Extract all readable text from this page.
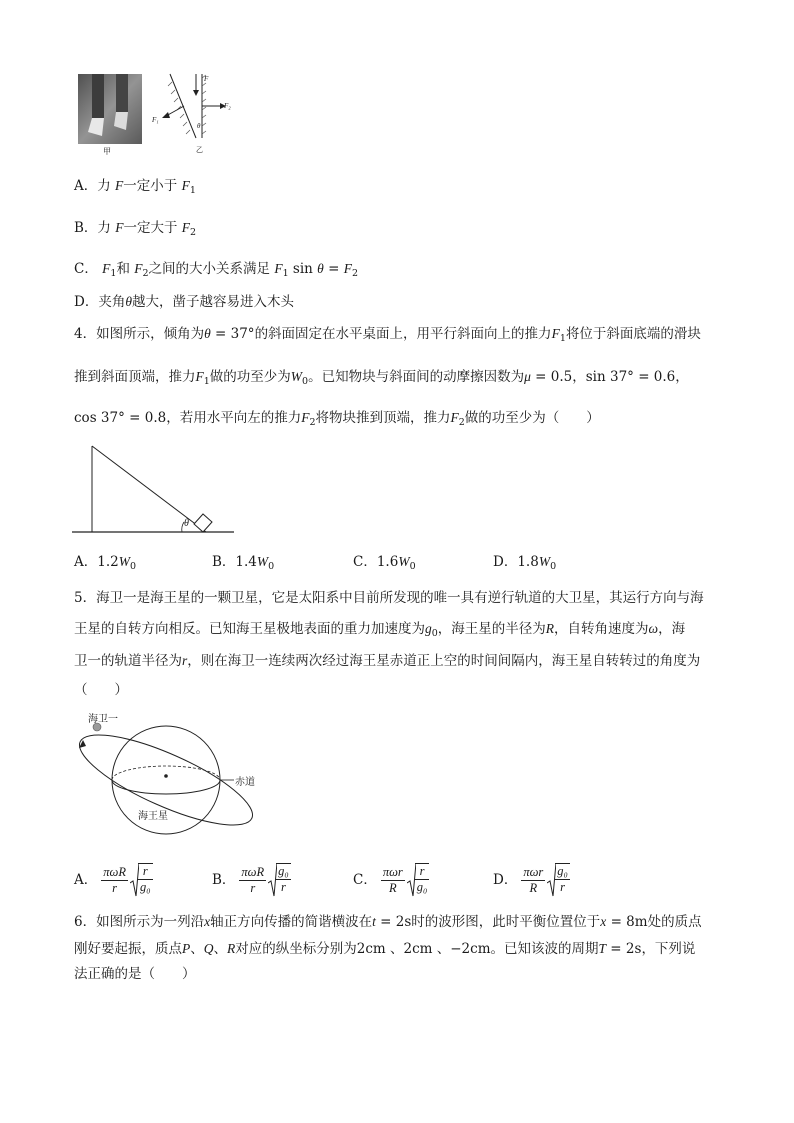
甲
F
F₂
F₁
θ
乙
A．力 F一定小于 $F_1$
B．力 F一定大于 $F_2$
C． $F_1$和 $F_2$之间的大小关系满足 $F_1$ $\sin \theta = F_2$
D．夹角θ越大，凿子越容易进入木头
4．如图所示，倾角为θ = 37°的斜面固定在水平桌面上，用平行斜面向上的推力$F_1$将位于斜面底端的滑块
推到斜面顶端，推力$F_1$做的功至少为$W_0$。已知物块与斜面间的动摩擦因数为μ = 0.5，sin 37° = 0.6，
cos 37° = 0.8，若用水平向左的推力$F_2$将物块推到顶端，推力$F_2$做的功至少为（　　）
θ
A．$1.2W_0$	B．$1.4W_0$	C．$1.6W_0$	D．$1.8W_0$
5．海卫一是海王星的一颗卫星，它是太阳系中目前所发现的唯一具有逆行轨道的大卫星，其运行方向与海
王星的自转方向相反。已知海王星极地表面的重力加速度为$g_0$，海王星的半径为R，自转角速度为ω，海
卫一的轨道半径为r，则在海卫一连续两次经过海王星赤道正上空的时间间隔内，海王星自转转过的角度为
（　　）
海卫一
赤道
海王星
A． $\frac{\text{πωR}}{r} \frac{r}{\text{g₀}}$	B． $\frac{\text{πωR}}{r} \frac{\text{g₀}}{r}$	C． $\frac{\text{πωr}}{R} \frac{r}{\text{g₀}}$	D． $\frac{\text{πωr}}{R} \frac{\text{g₀}}{r}$
6．如图所示为一列沿x轴正方向传播的简谐横波在t = 2s时的波形图，此时平衡位置位于x = 8m处的质点
刚好要起振，质点P、Q、R对应的纵坐标分别为2cm 、2cm 、−2cm。已知该波的周期T = 2s，下列说
法正确的是（　　）
